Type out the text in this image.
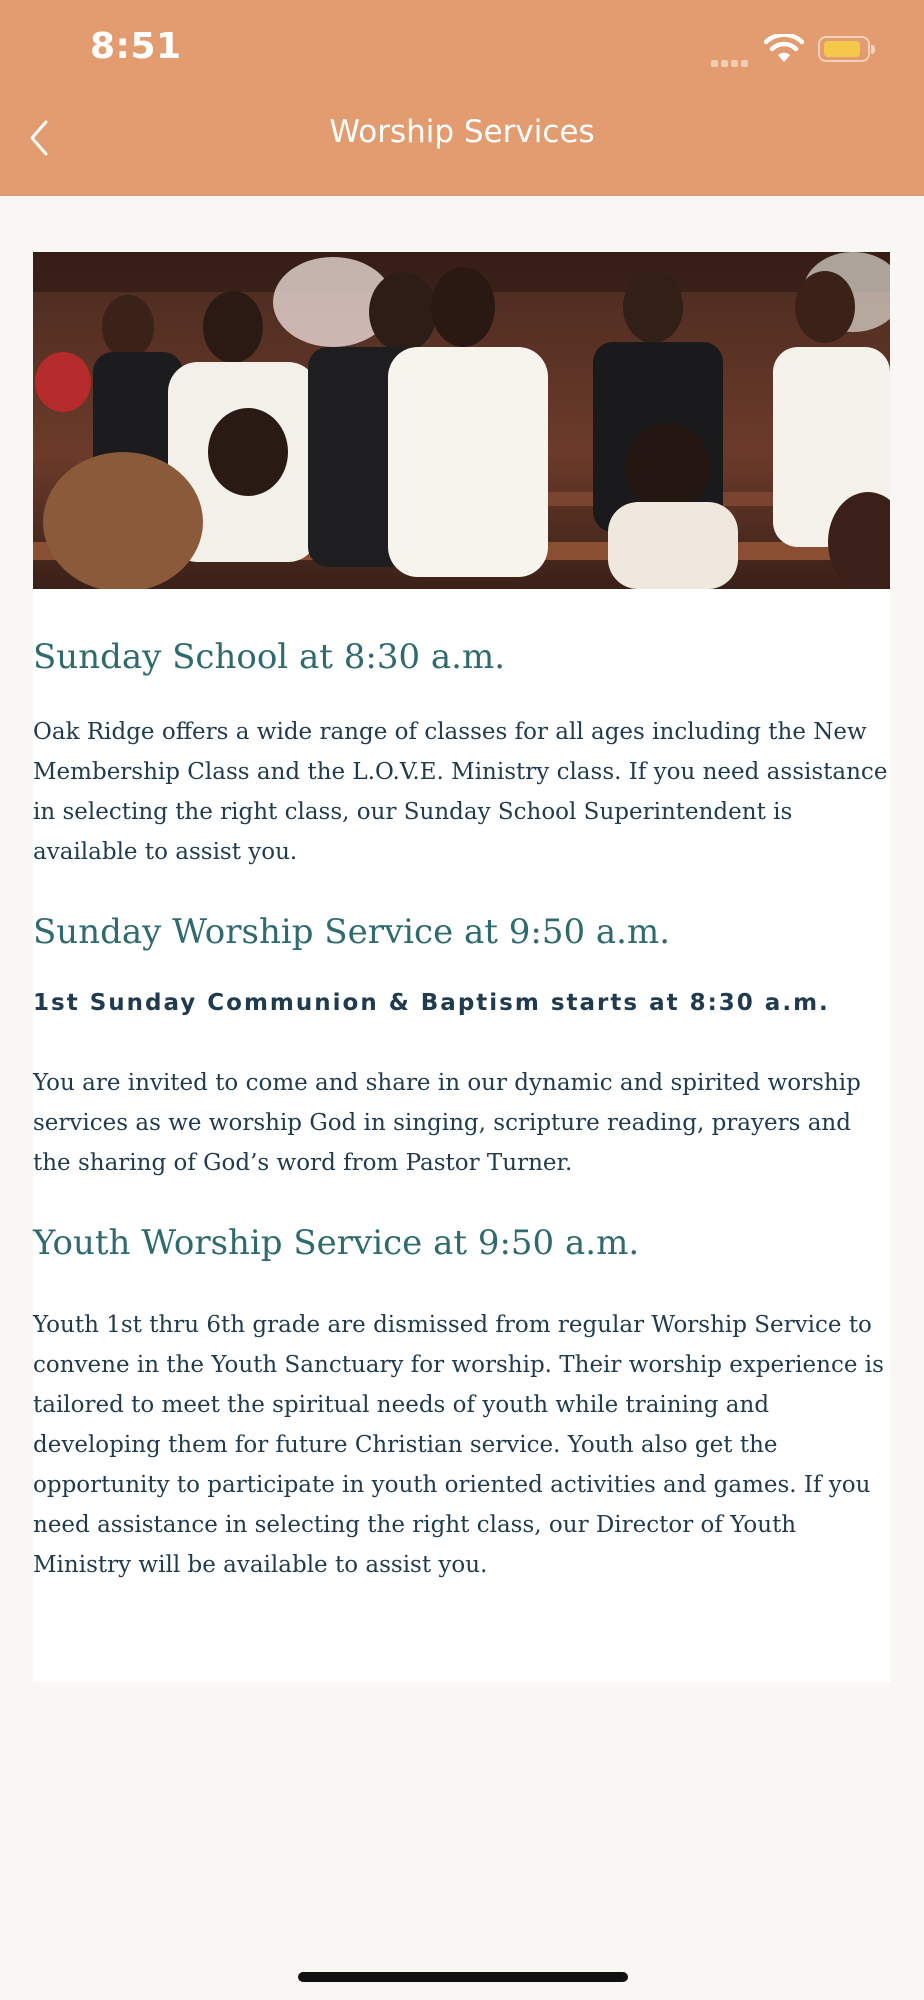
8:51
Worship Services
Sunday School at 8:30 a.m.

Oak Ridge offers a wide range of classes for all ages including the New Membership Class and the L.O.V.E. Ministry class. If you need assistance in selecting the right class, our Sunday School Superintendent is available to assist you.

Sunday Worship Service at 9:50 a.m.

1st Sunday Communion & Baptism starts at 8:30 a.m.

You are invited to come and share in our dynamic and spirited worship services as we worship God in singing, scripture reading, prayers and the sharing of God’s word from Pastor Turner.

Youth Worship Service at 9:50 a.m.

Youth 1st thru 6th grade are dismissed from regular Worship Service to convene in the Youth Sanctuary for worship. Their worship experience is tailored to meet the spiritual needs of youth while training and developing them for future Christian service. Youth also get the opportunity to participate in youth oriented activities and games. If you need assistance in selecting the right class, our Director of Youth Ministry will be available to assist you.
